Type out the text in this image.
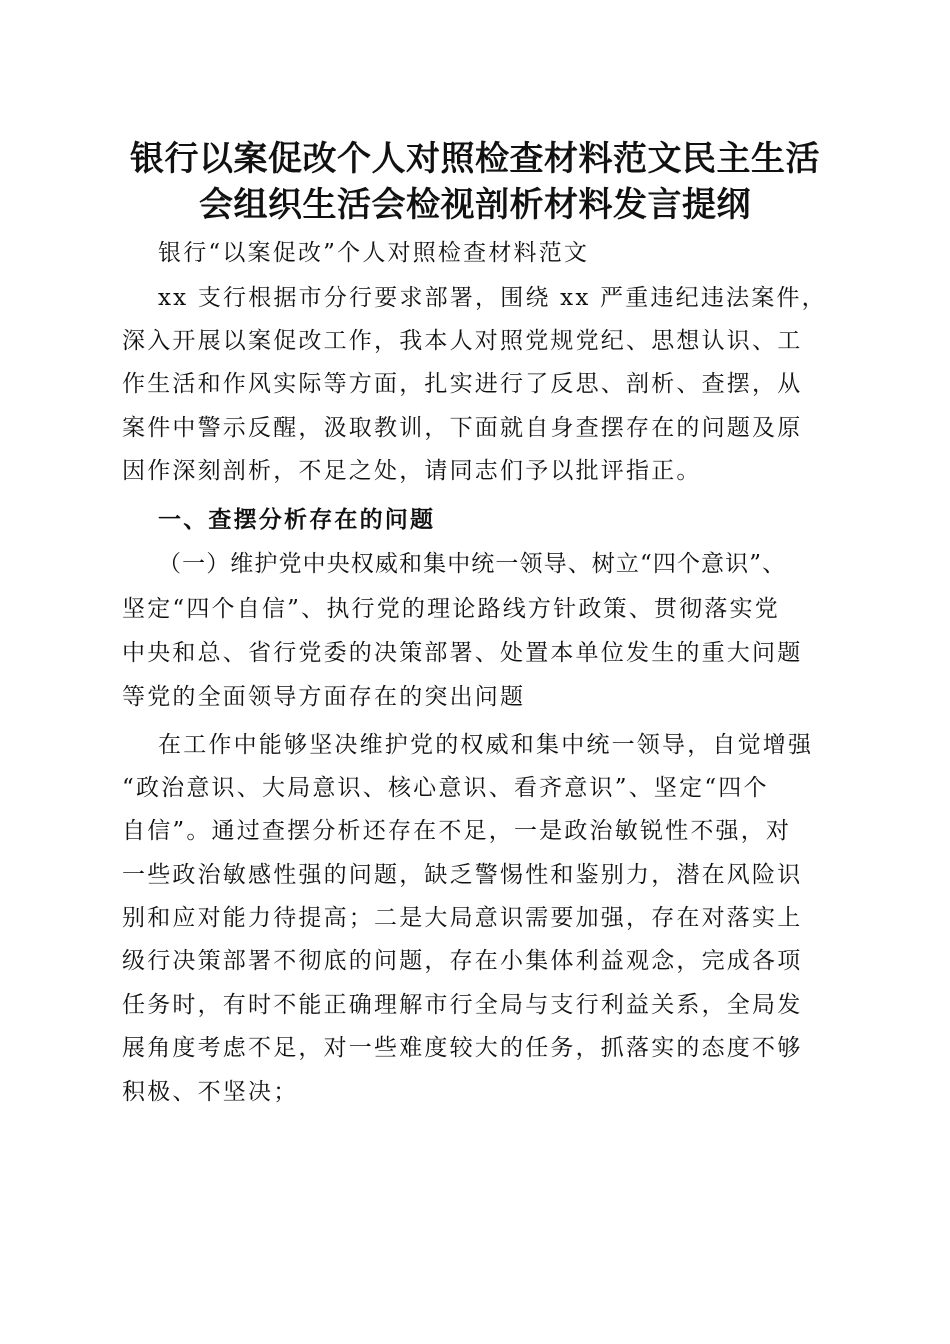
银行以案促改个人对照检查材料范文民主生活
会组织生活会检视剖析材料发言提纲
银行“以案促改”个人对照检查材料范文
xx 支行根据市分行要求部署，围绕 xx 严重违纪违法案件，
深入开展以案促改工作，我本人对照党规党纪、思想认识、工
作生活和作风实际等方面，扎实进行了反思、剖析、查摆，从
案件中警示反醒，汲取教训，下面就自身查摆存在的问题及原
因作深刻剖析，不足之处，请同志们予以批评指正。
一、查摆分析存在的问题
（一）维护党中央权威和集中统一领导、树立“四个意识”、
坚定“四个自信”、执行党的理论路线方针政策、贯彻落实党
中央和总、省行党委的决策部署、处置本单位发生的重大问题
等党的全面领导方面存在的突出问题
在工作中能够坚决维护党的权威和集中统一领导，自觉增强
“政治意识、大局意识、核心意识、看齐意识”、坚定“四个
自信”。通过查摆分析还存在不足，一是政治敏锐性不强，对
一些政治敏感性强的问题，缺乏警惕性和鉴别力，潜在风险识
别和应对能力待提高；二是大局意识需要加强，存在对落实上
级行决策部署不彻底的问题，存在小集体利益观念，完成各项
任务时，有时不能正确理解市行全局与支行利益关系，全局发
展角度考虑不足，对一些难度较大的任务，抓落实的态度不够
积极、不坚决；
